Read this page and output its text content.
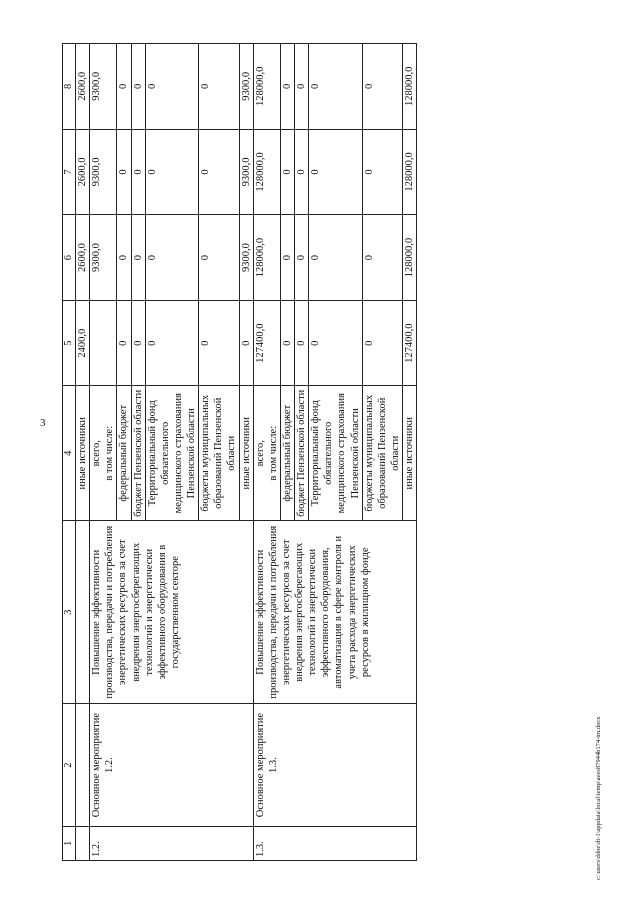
3
1	2	3	4	5	6	7	8
			иные источники	2400,0	2600,0	2600,0	2600,0
1.2.	Основное мероприятие 1.2.	Повышение эффективности производства, передачи и потребления энергетических ресурсов за счет внедрения энергосберегающих технологий и энергетически эффективного оборудования в государственном секторе	всего, в том числе:		9300,0	9300,0	9300,0
			федеральный бюджет	0	0	0	0
			бюджет Пензенской области	0	0	0	0
			Территориальный фонд обязательного медицинского страхования Пензенской области	0	0	0	0
			бюджеты муниципальных образований Пензенской области	0	0	0	0
			иные источники	0	9300,0	9300,0	9300,0
1.3.	Основное мероприятие 1.3.	Повышение эффективности производства, передачи и потребления энергетических ресурсов за счет внедрения энергосберегающих технологий и энергетически эффективного оборудования, автоматизация в сфере контроля и учета расхода энергетических ресурсов в жилищном фонде	всего, в том числе:	127400,0	128000,0	128000,0	128000,0
			федеральный бюджет	0	0	0	0
			бюджет Пензенской области	0	0	0	0
			Территориальный фонд обязательного медицинского страхования Пензенской области	0	0	0	0
			бюджеты муниципальных образований Пензенской области	0	0	0	0
			иные источники	127400,0	128000,0	128000,0	128000,0
c:\users\ddoe\dt-1\appdata\local\temp\aees87944b174-tm.docx
